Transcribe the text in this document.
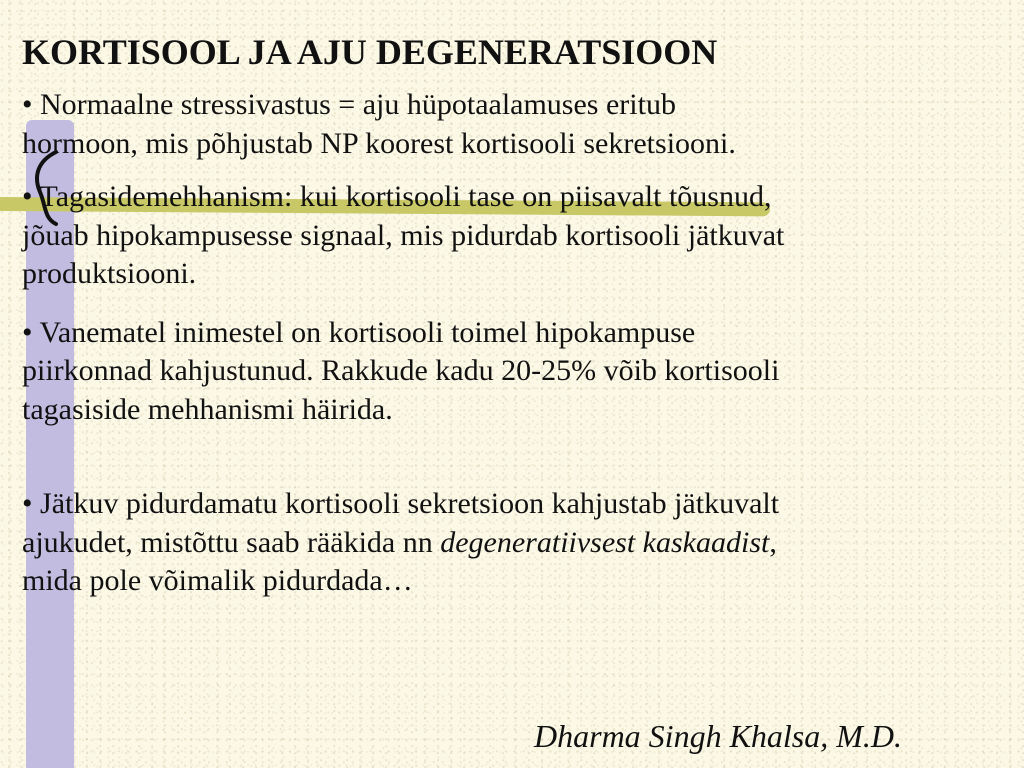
KORTISOOL JA AJU DEGENERATSIOON

• Normaalne stressivastus = aju hüpotaalamuses eritub
hormoon, mis põhjustab NP koorest kortisooli sekretsiooni.

• Tagasidemehhanism: kui kortisooli tase on piisavalt tõusnud,
jõuab hipokampusesse signaal, mis pidurdab kortisooli jätkuvat
produktsiooni.

• Vanematel inimestel on kortisooli toimel hipokampuse
piirkonnad kahjustunud. Rakkude kadu 20-25% võib kortisooli
tagasiside mehhanismi häirida.

• Jätkuv pidurdamatu kortisooli sekretsioon kahjustab jätkuvalt
ajukudet, mistõttu saab rääkida nn degeneratiivsest kaskaadist,
mida pole võimalik pidurdada…

Dharma Singh Khalsa, M.D.
